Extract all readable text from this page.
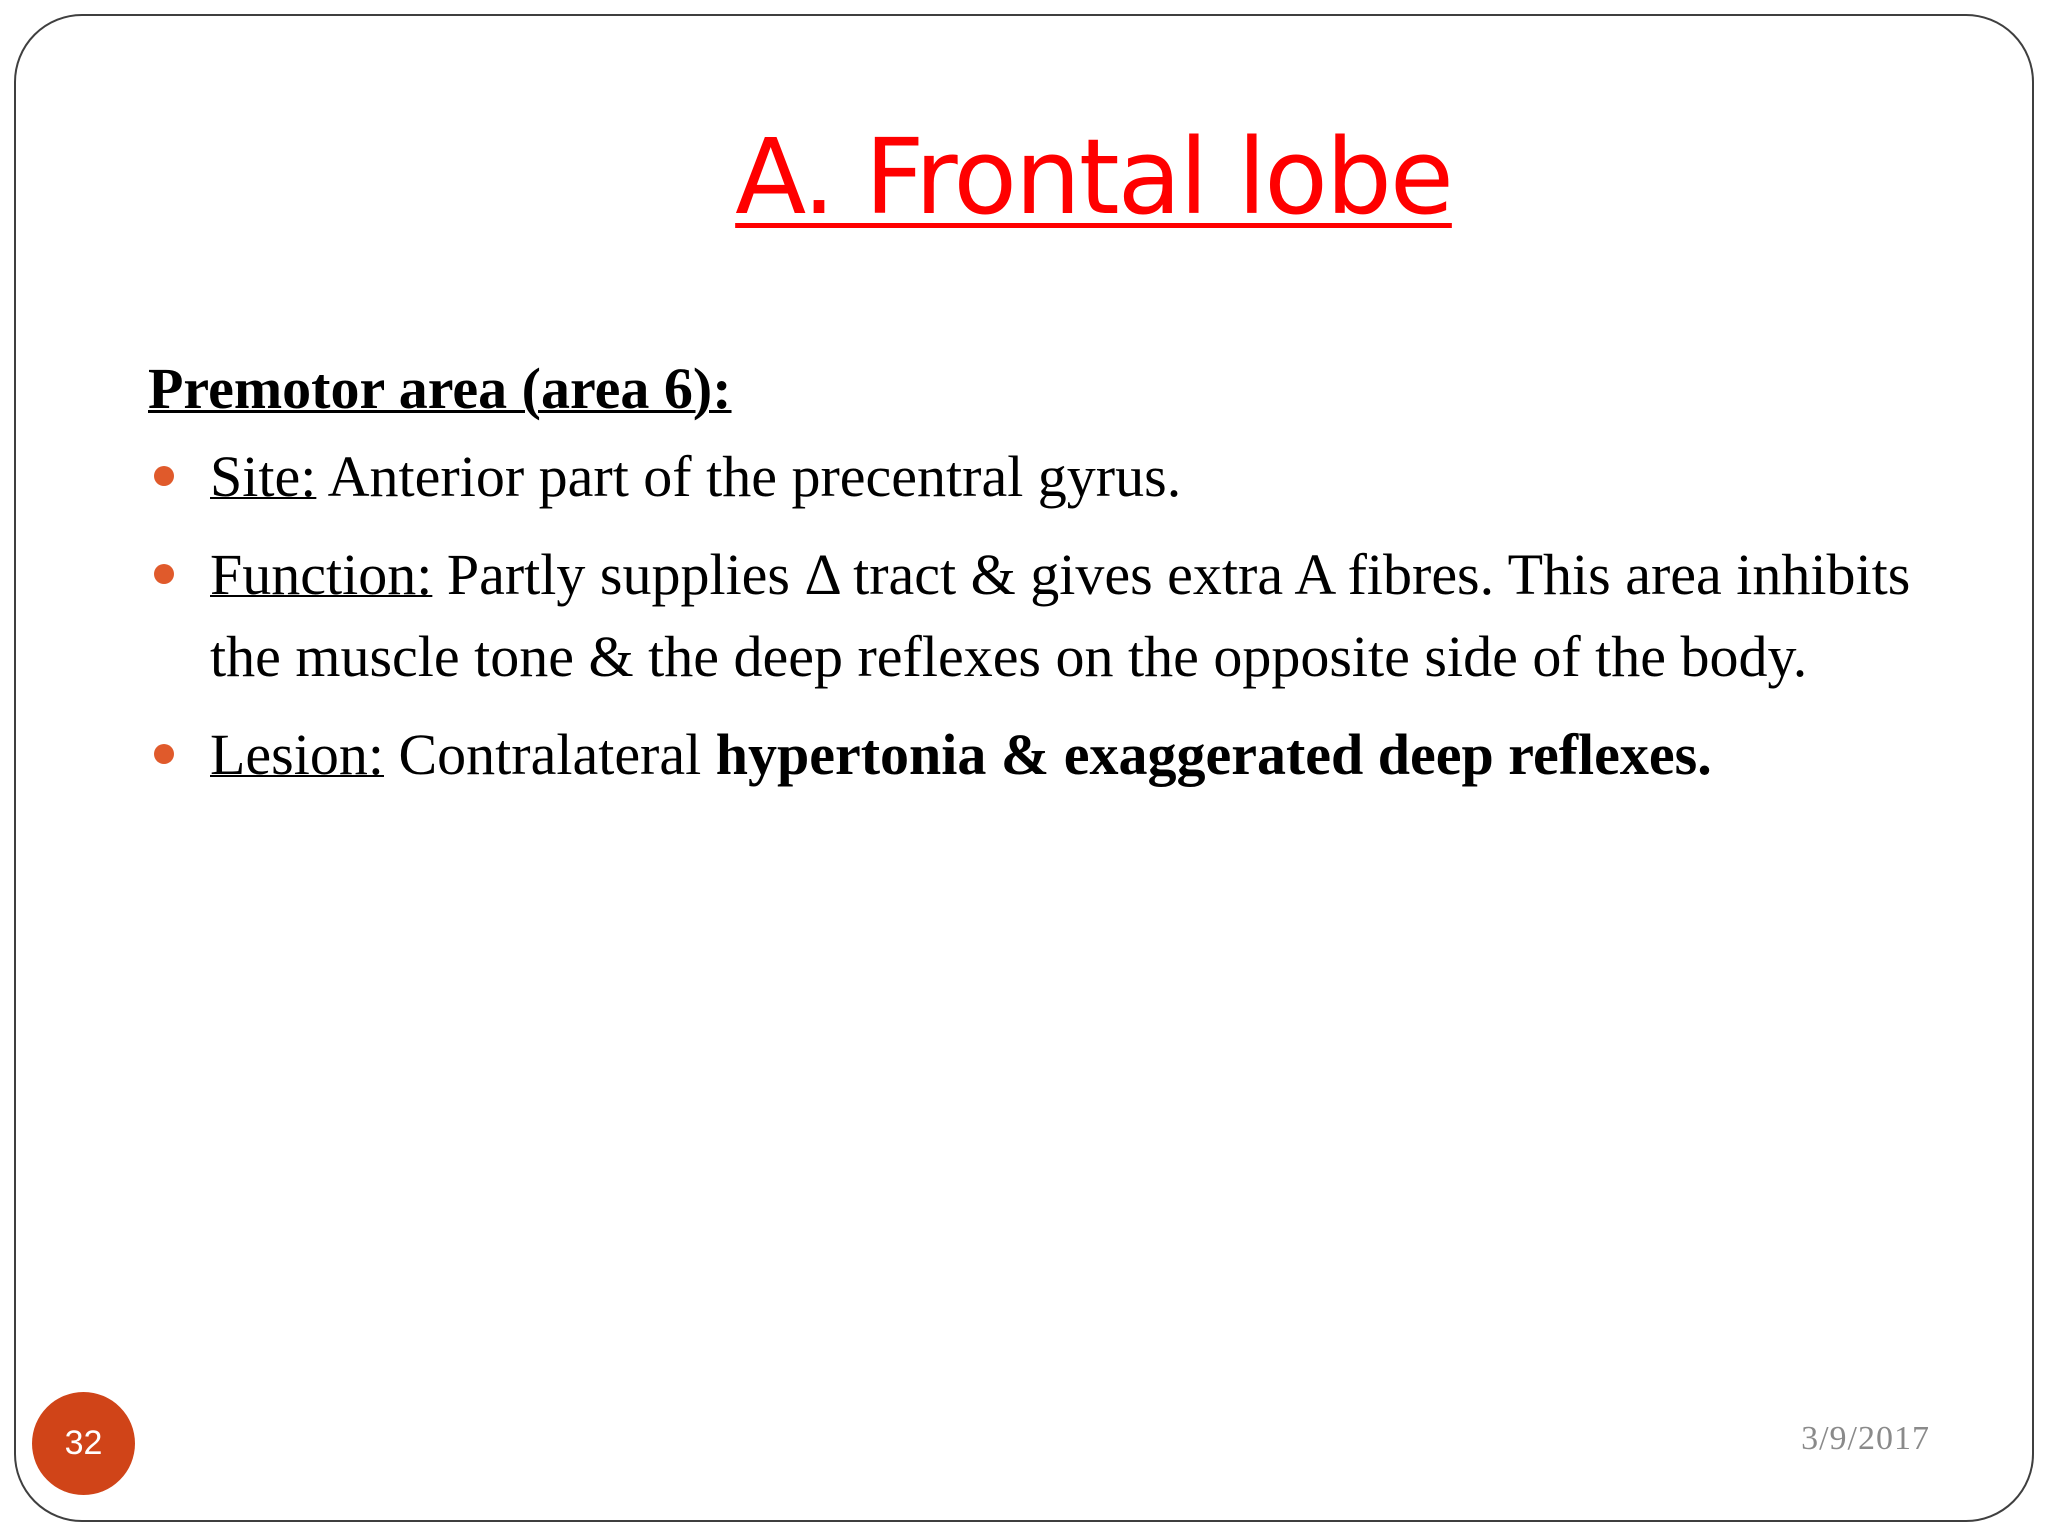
A. Frontal lobe
Premotor area (area 6):
Site: Anterior part of the precentral gyrus.
Function: Partly supplies Δ tract & gives extra A fibres. This area inhibits the muscle tone & the deep reflexes on the opposite side of the body.
Lesion: Contralateral hypertonia & exaggerated deep reflexes.
32	3/9/2017
